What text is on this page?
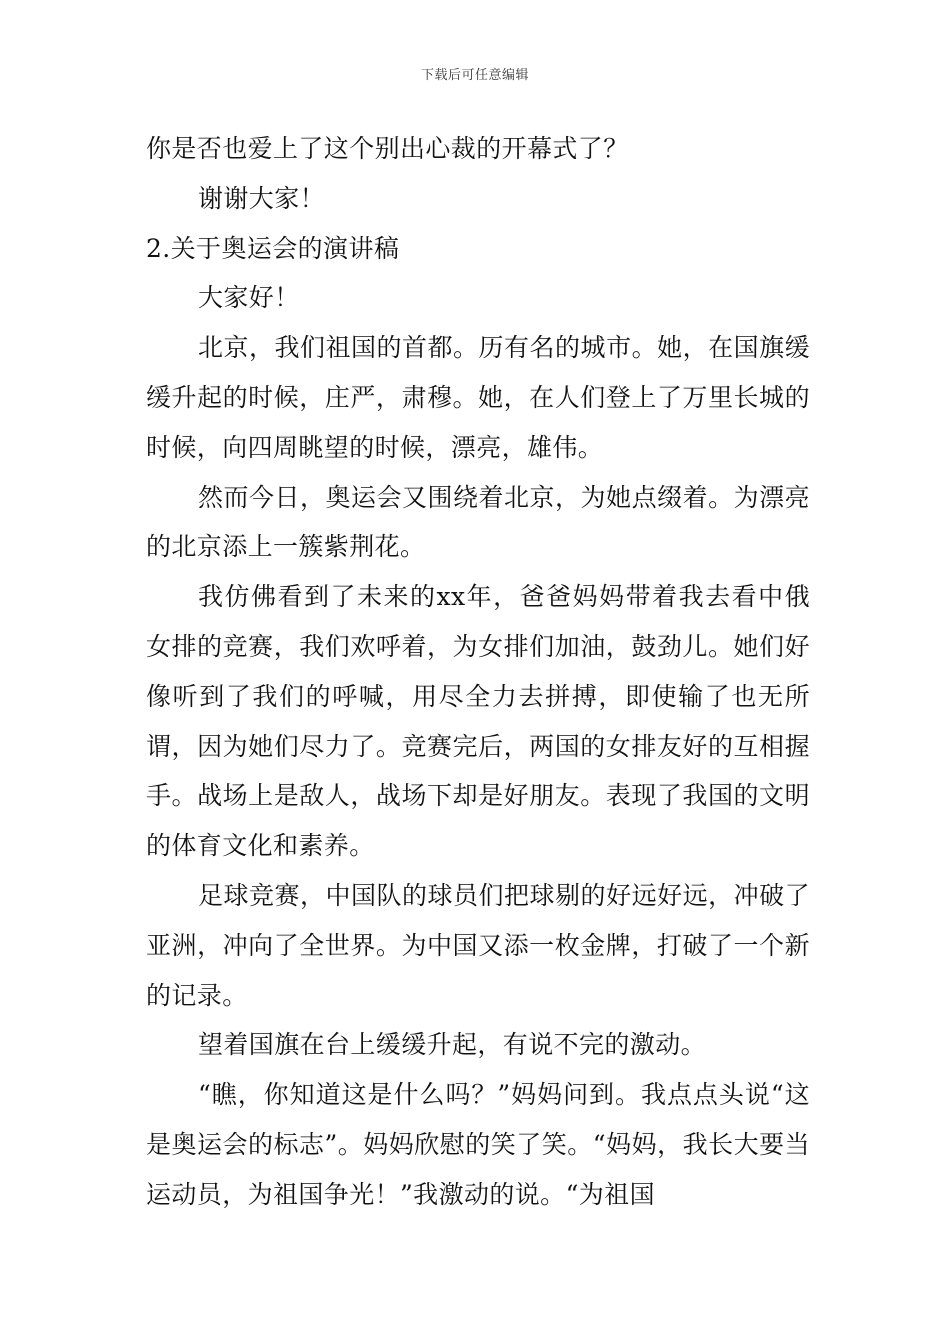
下载后可任意编辑

你是否也爱上了这个别出心裁的开幕式了？

谢谢大家！

2.关于奥运会的演讲稿

大家好！

北京，我们祖国的首都。历有名的城市。她，在国旗缓缓升起的时候，庄严，肃穆。她，在人们登上了万里长城的时候，向四周眺望的时候，漂亮，雄伟。

然而今日，奥运会又围绕着北京，为她点缀着。为漂亮的北京添上一簇紫荆花。

我仿佛看到了未来的xx年，爸爸妈妈带着我去看中俄女排的竞赛，我们欢呼着，为女排们加油，鼓劲儿。她们好像听到了我们的呼喊，用尽全力去拼搏，即使输了也无所谓，因为她们尽力了。竞赛完后，两国的女排友好的互相握手。战场上是敌人，战场下却是好朋友。表现了我国的文明的体育文化和素养。

足球竞赛，中国队的球员们把球剔的好远好远，冲破了亚洲，冲向了全世界。为中国又添一枚金牌，打破了一个新的记录。

望着国旗在台上缓缓升起，有说不完的激动。

“瞧，你知道这是什么吗？”妈妈问到。我点点头说“这是奥运会的标志”。妈妈欣慰的笑了笑。“妈妈，我长大要当运动员，为祖国争光！”我激动的说。“为祖国
